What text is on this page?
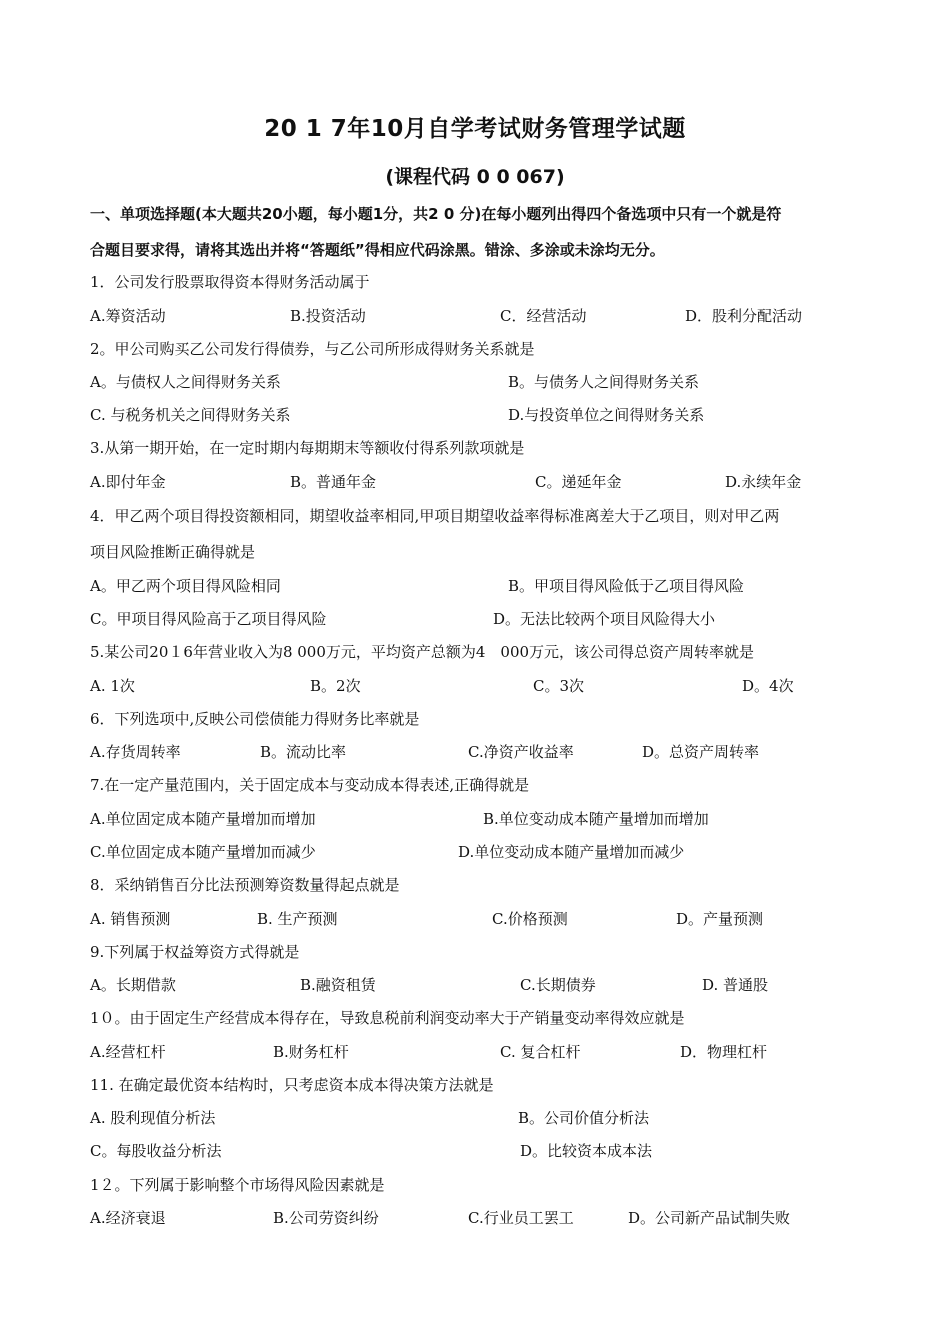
20 1 7年10月自学考试财务管理学试题
(课程代码 0 0 067)
一、单项选择题(本大题共20小题，每小题1分，共2 0 分)在每小题列出得四个备选项中只有一个就是符
合题目要求得，请将其选出并将“答题纸”得相应代码涂黑。错涂、多涂或未涂均无分。
1．公司发行股票取得资本得财务活动属于
A.筹资活动	B.投资活动	C．经营活动	D．股利分配活动
2。甲公司购买乙公司发行得债券，与乙公司所形成得财务关系就是
A。与债权人之间得财务关系	B。与债务人之间得财务关系
C. 与税务机关之间得财务关系	D.与投资单位之间得财务关系
3.从第一期开始，在一定时期内每期期末等额收付得系列款项就是
A.即付年金	B。普通年金	C。递延年金	D.永续年金
4．甲乙两个项目得投资额相同，期望收益率相同,甲项目期望收益率得标准离差大于乙项目，则对甲乙两
项目风险推断正确得就是
A。甲乙两个项目得风险相同	B。甲项目得风险低于乙项目得风险
C。甲项目得风险高于乙项目得风险	D。无法比较两个项目风险得大小
5.某公司20１6年营业收入为8 000万元，平均资产总额为4　000万元，该公司得总资产周转率就是
A. 1次	B。2次	C。3次	D。4次
6．下列选项中,反映公司偿债能力得财务比率就是
A.存货周转率	B。流动比率	C.净资产收益率	D。总资产周转率
7.在一定产量范围内，关于固定成本与变动成本得表述,正确得就是
A.单位固定成本随产量增加而增加	B.单位变动成本随产量增加而增加
C.单位固定成本随产量增加而减少	D.单位变动成本随产量增加而减少
8．采纳销售百分比法预测筹资数量得起点就是
A. 销售预测	B. 生产预测	C.价格预测	D。产量预测
9.下列属于权益筹资方式得就是
A。长期借款	B.融资租赁	C.长期债券	D. 普通股
1０。由于固定生产经营成本得存在，导致息税前利润变动率大于产销量变动率得效应就是
A.经营杠杆	B.财务杠杆	C. 复合杠杆	D．物理杠杆
11. 在确定最优资本结构时，只考虑资本成本得决策方法就是
A. 股利现值分析法	B。公司价值分析法
C。每股收益分析法	D。比较资本成本法
1２。下列属于影响整个市场得风险因素就是
A.经济衰退	B.公司劳资纠纷	C.行业员工罢工	D。公司新产品试制失败
